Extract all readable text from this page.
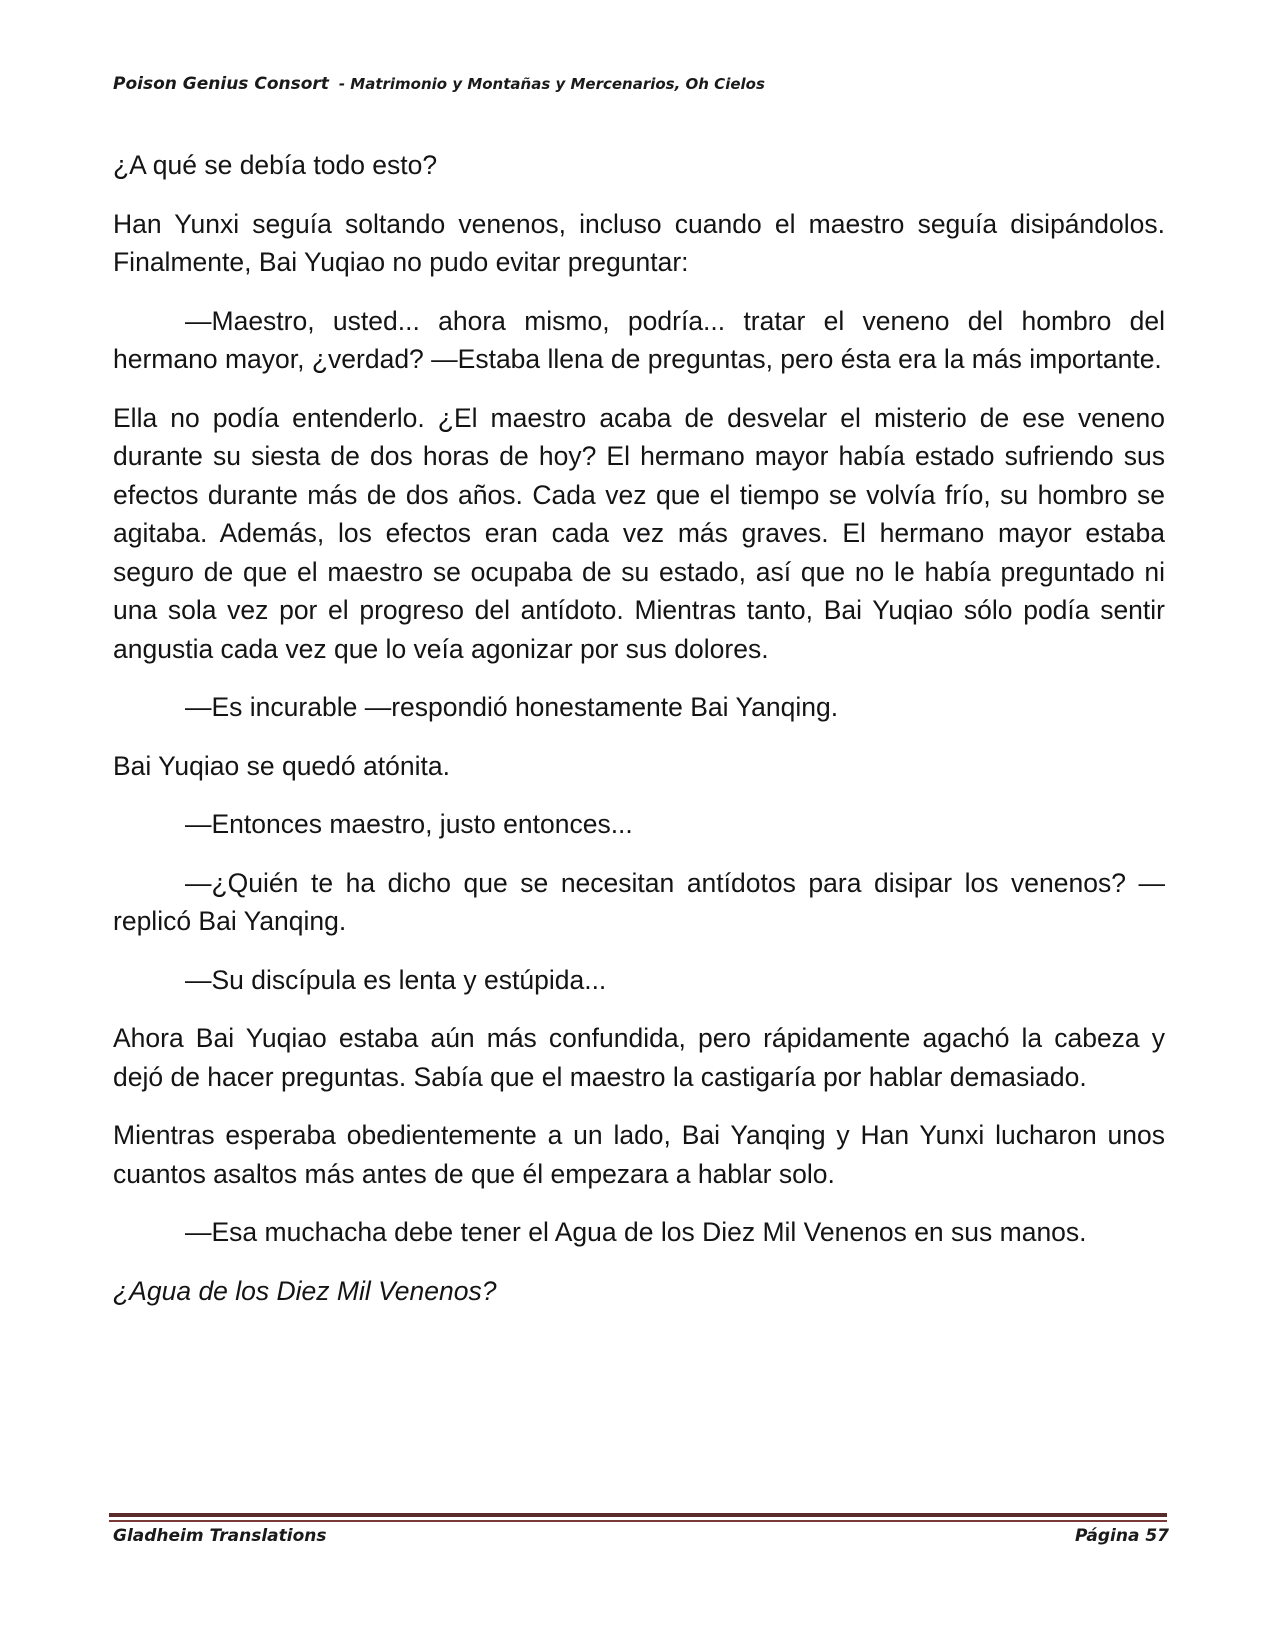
Poison Genius Consort - Matrimonio y Montañas y Mercenarios, Oh Cielos

¿A qué se debía todo esto?

Han Yunxi seguía soltando venenos, incluso cuando el maestro seguía disipándolos. Finalmente, Bai Yuqiao no pudo evitar preguntar:

—Maestro, usted... ahora mismo, podría... tratar el veneno del hombro del hermano mayor, ¿verdad? —Estaba llena de preguntas, pero ésta era la más importante.

Ella no podía entenderlo. ¿El maestro acaba de desvelar el misterio de ese veneno durante su siesta de dos horas de hoy? El hermano mayor había estado sufriendo sus efectos durante más de dos años. Cada vez que el tiempo se volvía frío, su hombro se agitaba. Además, los efectos eran cada vez más graves. El hermano mayor estaba seguro de que el maestro se ocupaba de su estado, así que no le había preguntado ni una sola vez por el progreso del antídoto. Mientras tanto, Bai Yuqiao sólo podía sentir angustia cada vez que lo veía agonizar por sus dolores.

—Es incurable —respondió honestamente Bai Yanqing.

Bai Yuqiao se quedó atónita.

—Entonces maestro, justo entonces...

—¿Quién te ha dicho que se necesitan antídotos para disipar los venenos? —replicó Bai Yanqing.

—Su discípula es lenta y estúpida...

Ahora Bai Yuqiao estaba aún más confundida, pero rápidamente agachó la cabeza y dejó de hacer preguntas. Sabía que el maestro la castigaría por hablar demasiado.

Mientras esperaba obedientemente a un lado, Bai Yanqing y Han Yunxi lucharon unos cuantos asaltos más antes de que él empezara a hablar solo.

—Esa muchacha debe tener el Agua de los Diez Mil Venenos en sus manos.

¿Agua de los Diez Mil Venenos?

Gladheim Translations	Página 57
